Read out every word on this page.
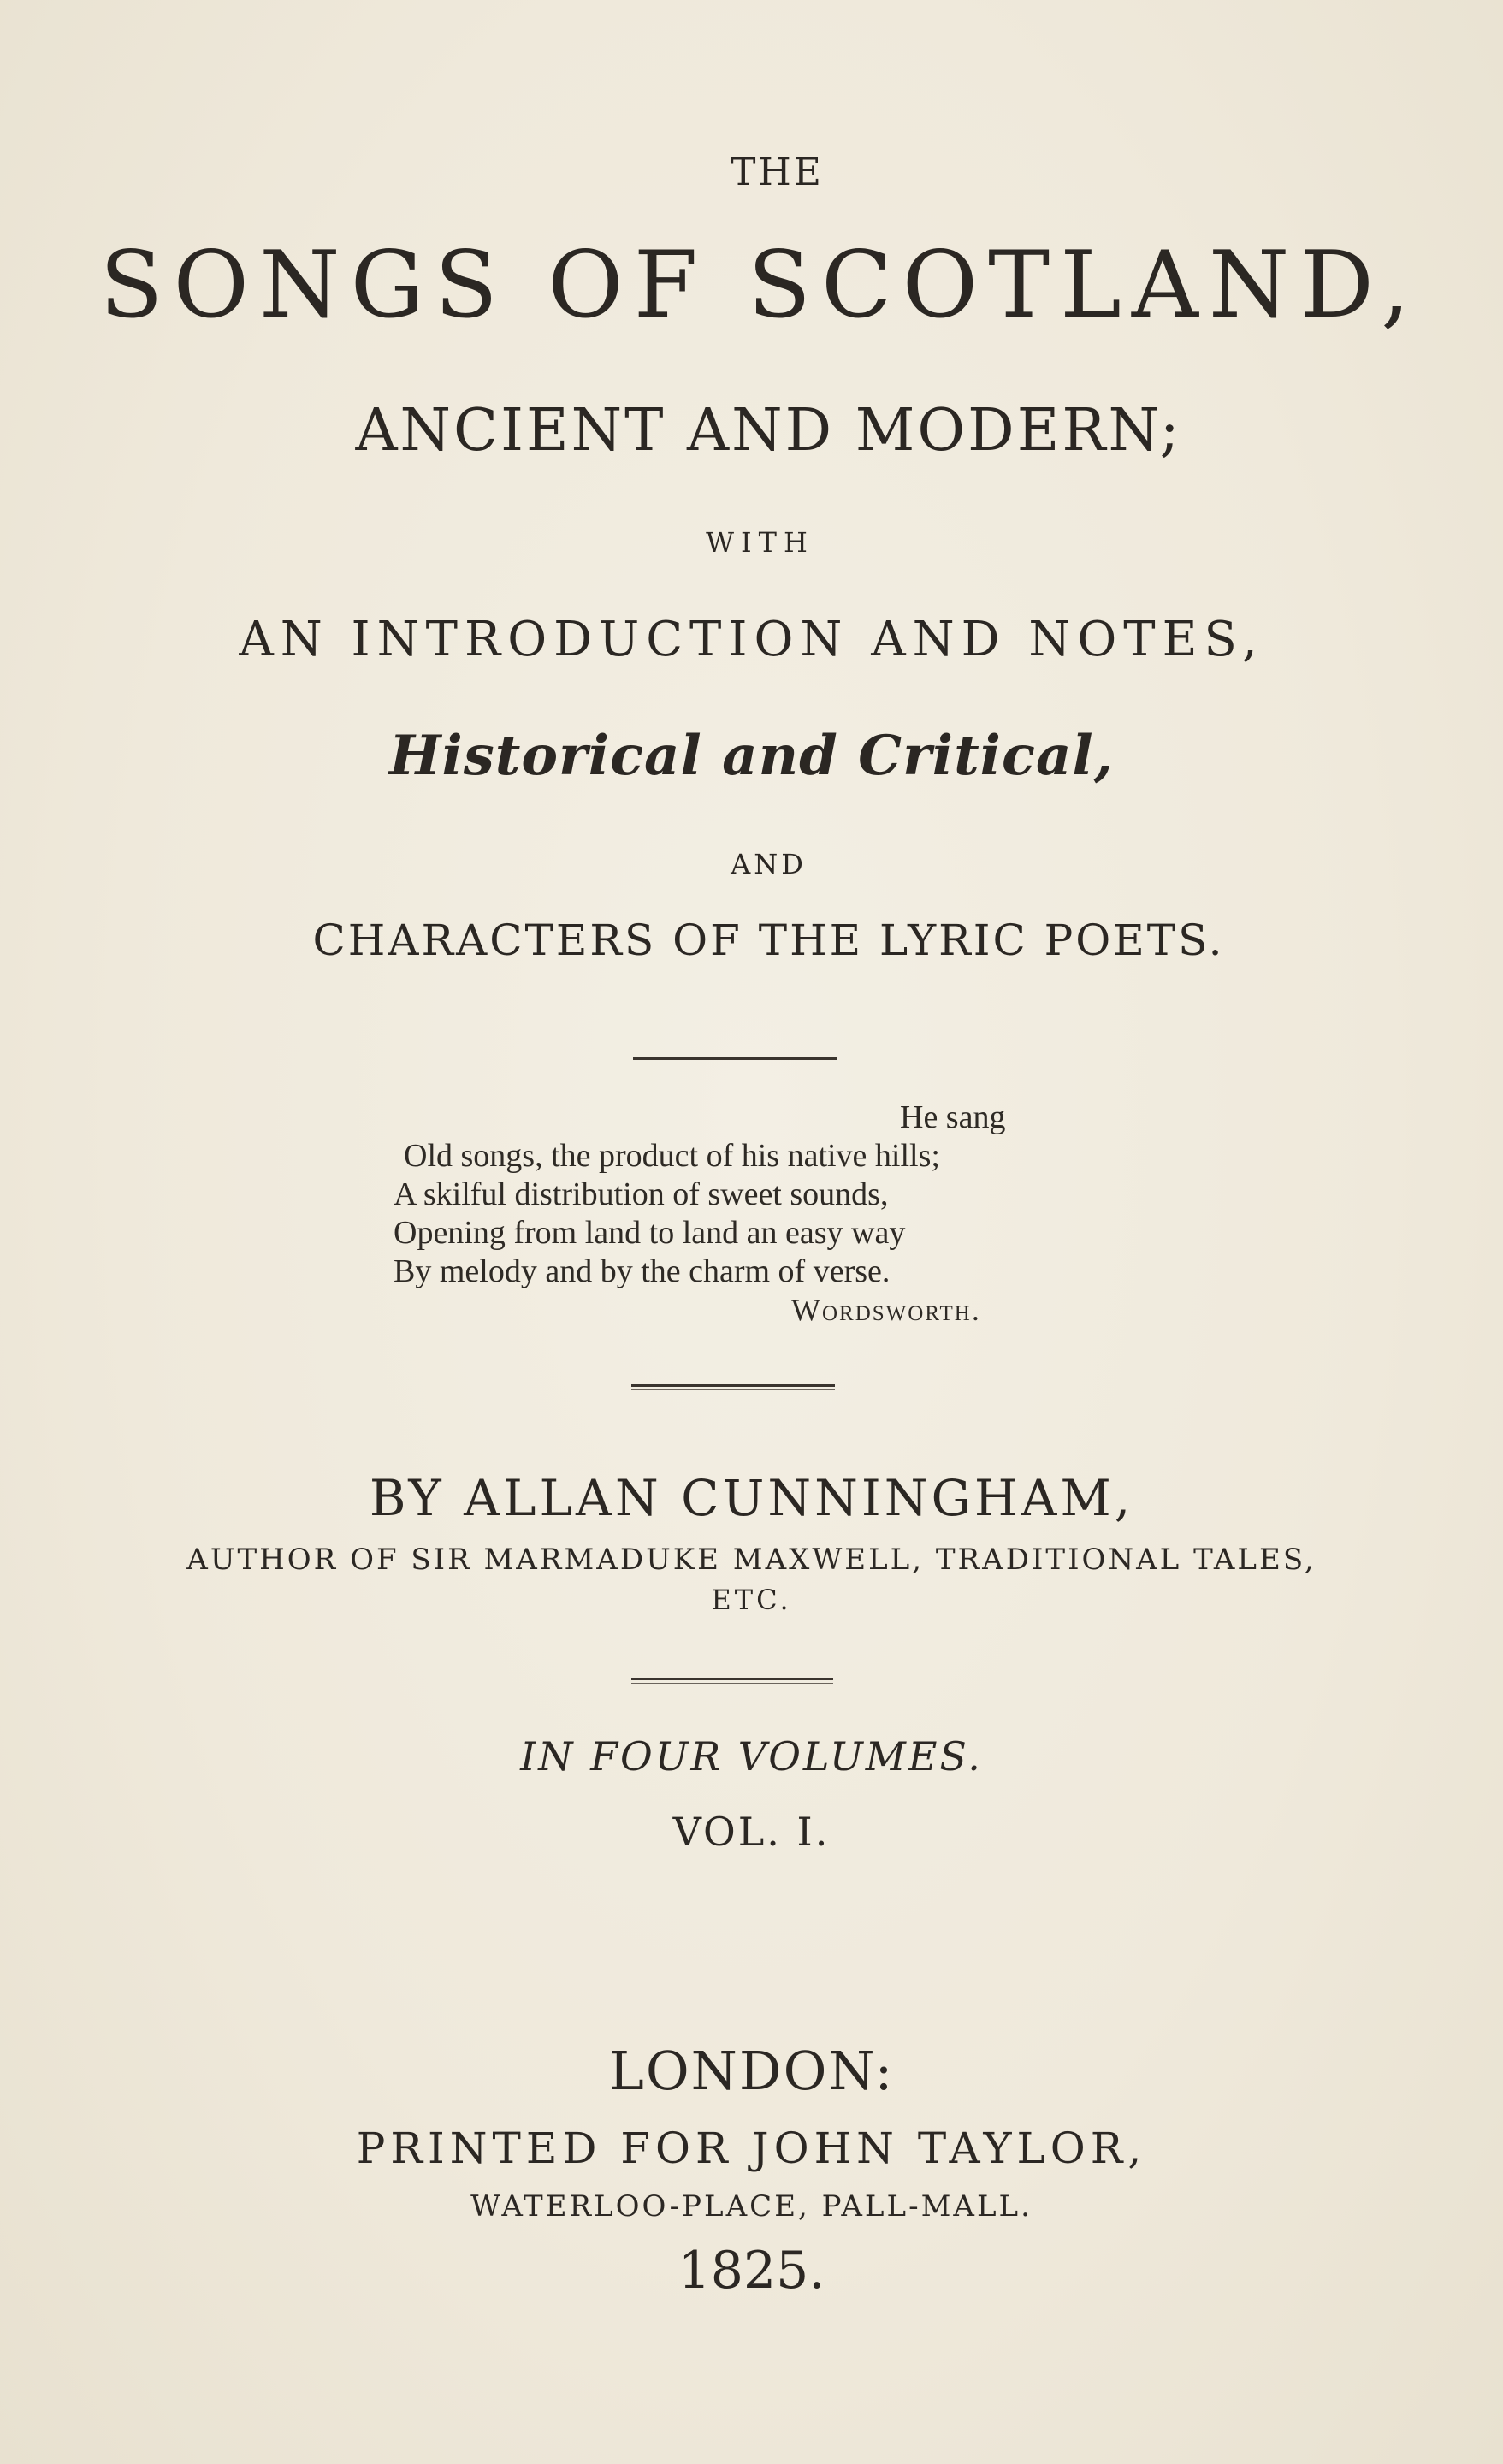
THE
SONGS OF SCOTLAND,
ANCIENT AND MODERN;
WITH
AN INTRODUCTION AND NOTES,
Historical and Critical,
AND
CHARACTERS OF THE LYRIC POETS.
He sang
Old songs, the product of his native hills;
A skilful distribution of sweet sounds,
Opening from land to land an easy way
By melody and by the charm of verse.
Wordsworth.
BY ALLAN CUNNINGHAM,
AUTHOR OF SIR MARMADUKE MAXWELL, TRADITIONAL TALES,
ETC.
IN FOUR VOLUMES.
VOL. I.
LONDON:
PRINTED FOR JOHN TAYLOR,
WATERLOO-PLACE, PALL-MALL.
1825.
